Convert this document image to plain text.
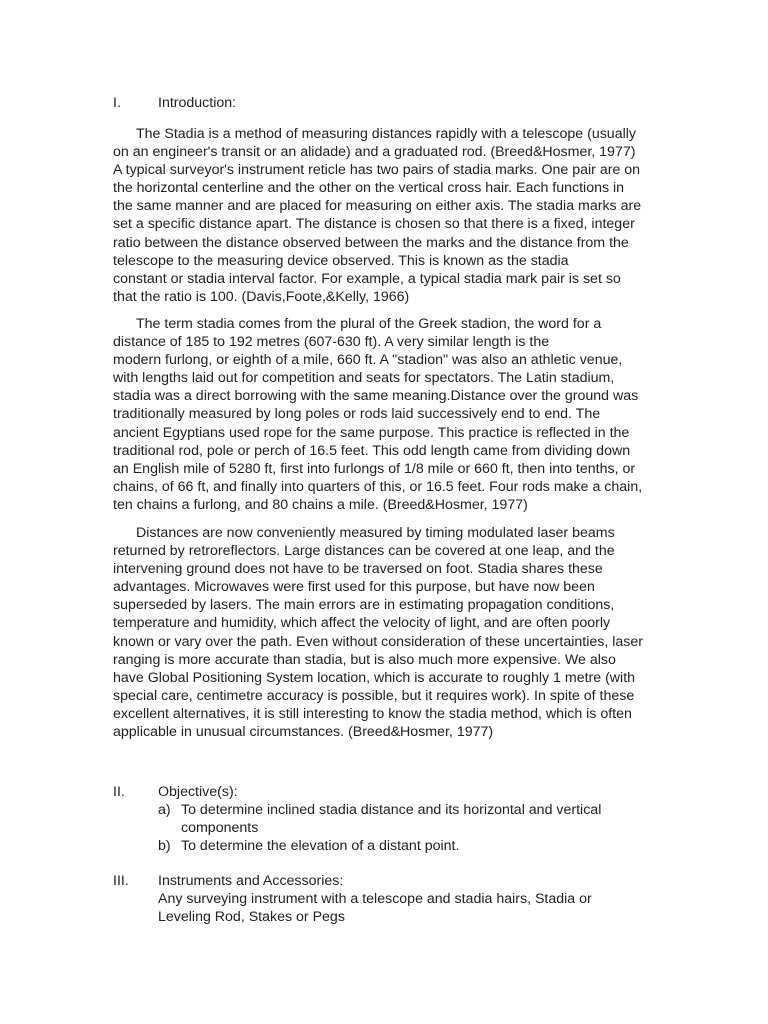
I.	Introduction:

The Stadia is a method of measuring distances rapidly with a telescope (usually
on an engineer's transit or an alidade) and a graduated rod. (Breed&Hosmer, 1977)
A typical surveyor's instrument reticle has two pairs of stadia marks. One pair are on
the horizontal centerline and the other on the vertical cross hair. Each functions in
the same manner and are placed for measuring on either axis. The stadia marks are
set a specific distance apart. The distance is chosen so that there is a fixed, integer
ratio between the distance observed between the marks and the distance from the
telescope to the measuring device observed. This is known as the stadia
constant or stadia interval factor. For example, a typical stadia mark pair is set so
that the ratio is 100. (Davis,Foote,&Kelly, 1966)

The term stadia comes from the plural of the Greek stadion, the word for a
distance of 185 to 192 metres (607-630 ft). A very similar length is the
modern furlong, or eighth of a mile, 660 ft. A "stadion" was also an athletic venue,
with lengths laid out for competition and seats for spectators. The Latin stadium,
stadia was a direct borrowing with the same meaning.Distance over the ground was
traditionally measured by long poles or rods laid successively end to end. The
ancient Egyptians used rope for the same purpose. This practice is reflected in the
traditional rod, pole or perch of 16.5 feet. This odd length came from dividing down
an English mile of 5280 ft, first into furlongs of 1/8 mile or 660 ft, then into tenths, or
chains, of 66 ft, and finally into quarters of this, or 16.5 feet. Four rods make a chain,
ten chains a furlong, and 80 chains a mile. (Breed&Hosmer, 1977)

Distances are now conveniently measured by timing modulated laser beams
returned by retroreflectors. Large distances can be covered at one leap, and the
intervening ground does not have to be traversed on foot. Stadia shares these
advantages. Microwaves were first used for this purpose, but have now been
superseded by lasers. The main errors are in estimating propagation conditions,
temperature and humidity, which affect the velocity of light, and are often poorly
known or vary over the path. Even without consideration of these uncertainties, laser
ranging is more accurate than stadia, but is also much more expensive. We also
have Global Positioning System location, which is accurate to roughly 1 metre (with
special care, centimetre accuracy is possible, but it requires work). In spite of these
excellent alternatives, it is still interesting to know the stadia method, which is often
applicable in unusual circumstances. (Breed&Hosmer, 1977)

II. Objective(s):
a) To determine inclined stadia distance and its horizontal and vertical
components
b) To determine the elevation of a distant point.
III. Instruments and Accessories:
Any surveying instrument with a telescope and stadia hairs, Stadia or
Leveling Rod, Stakes or Pegs
